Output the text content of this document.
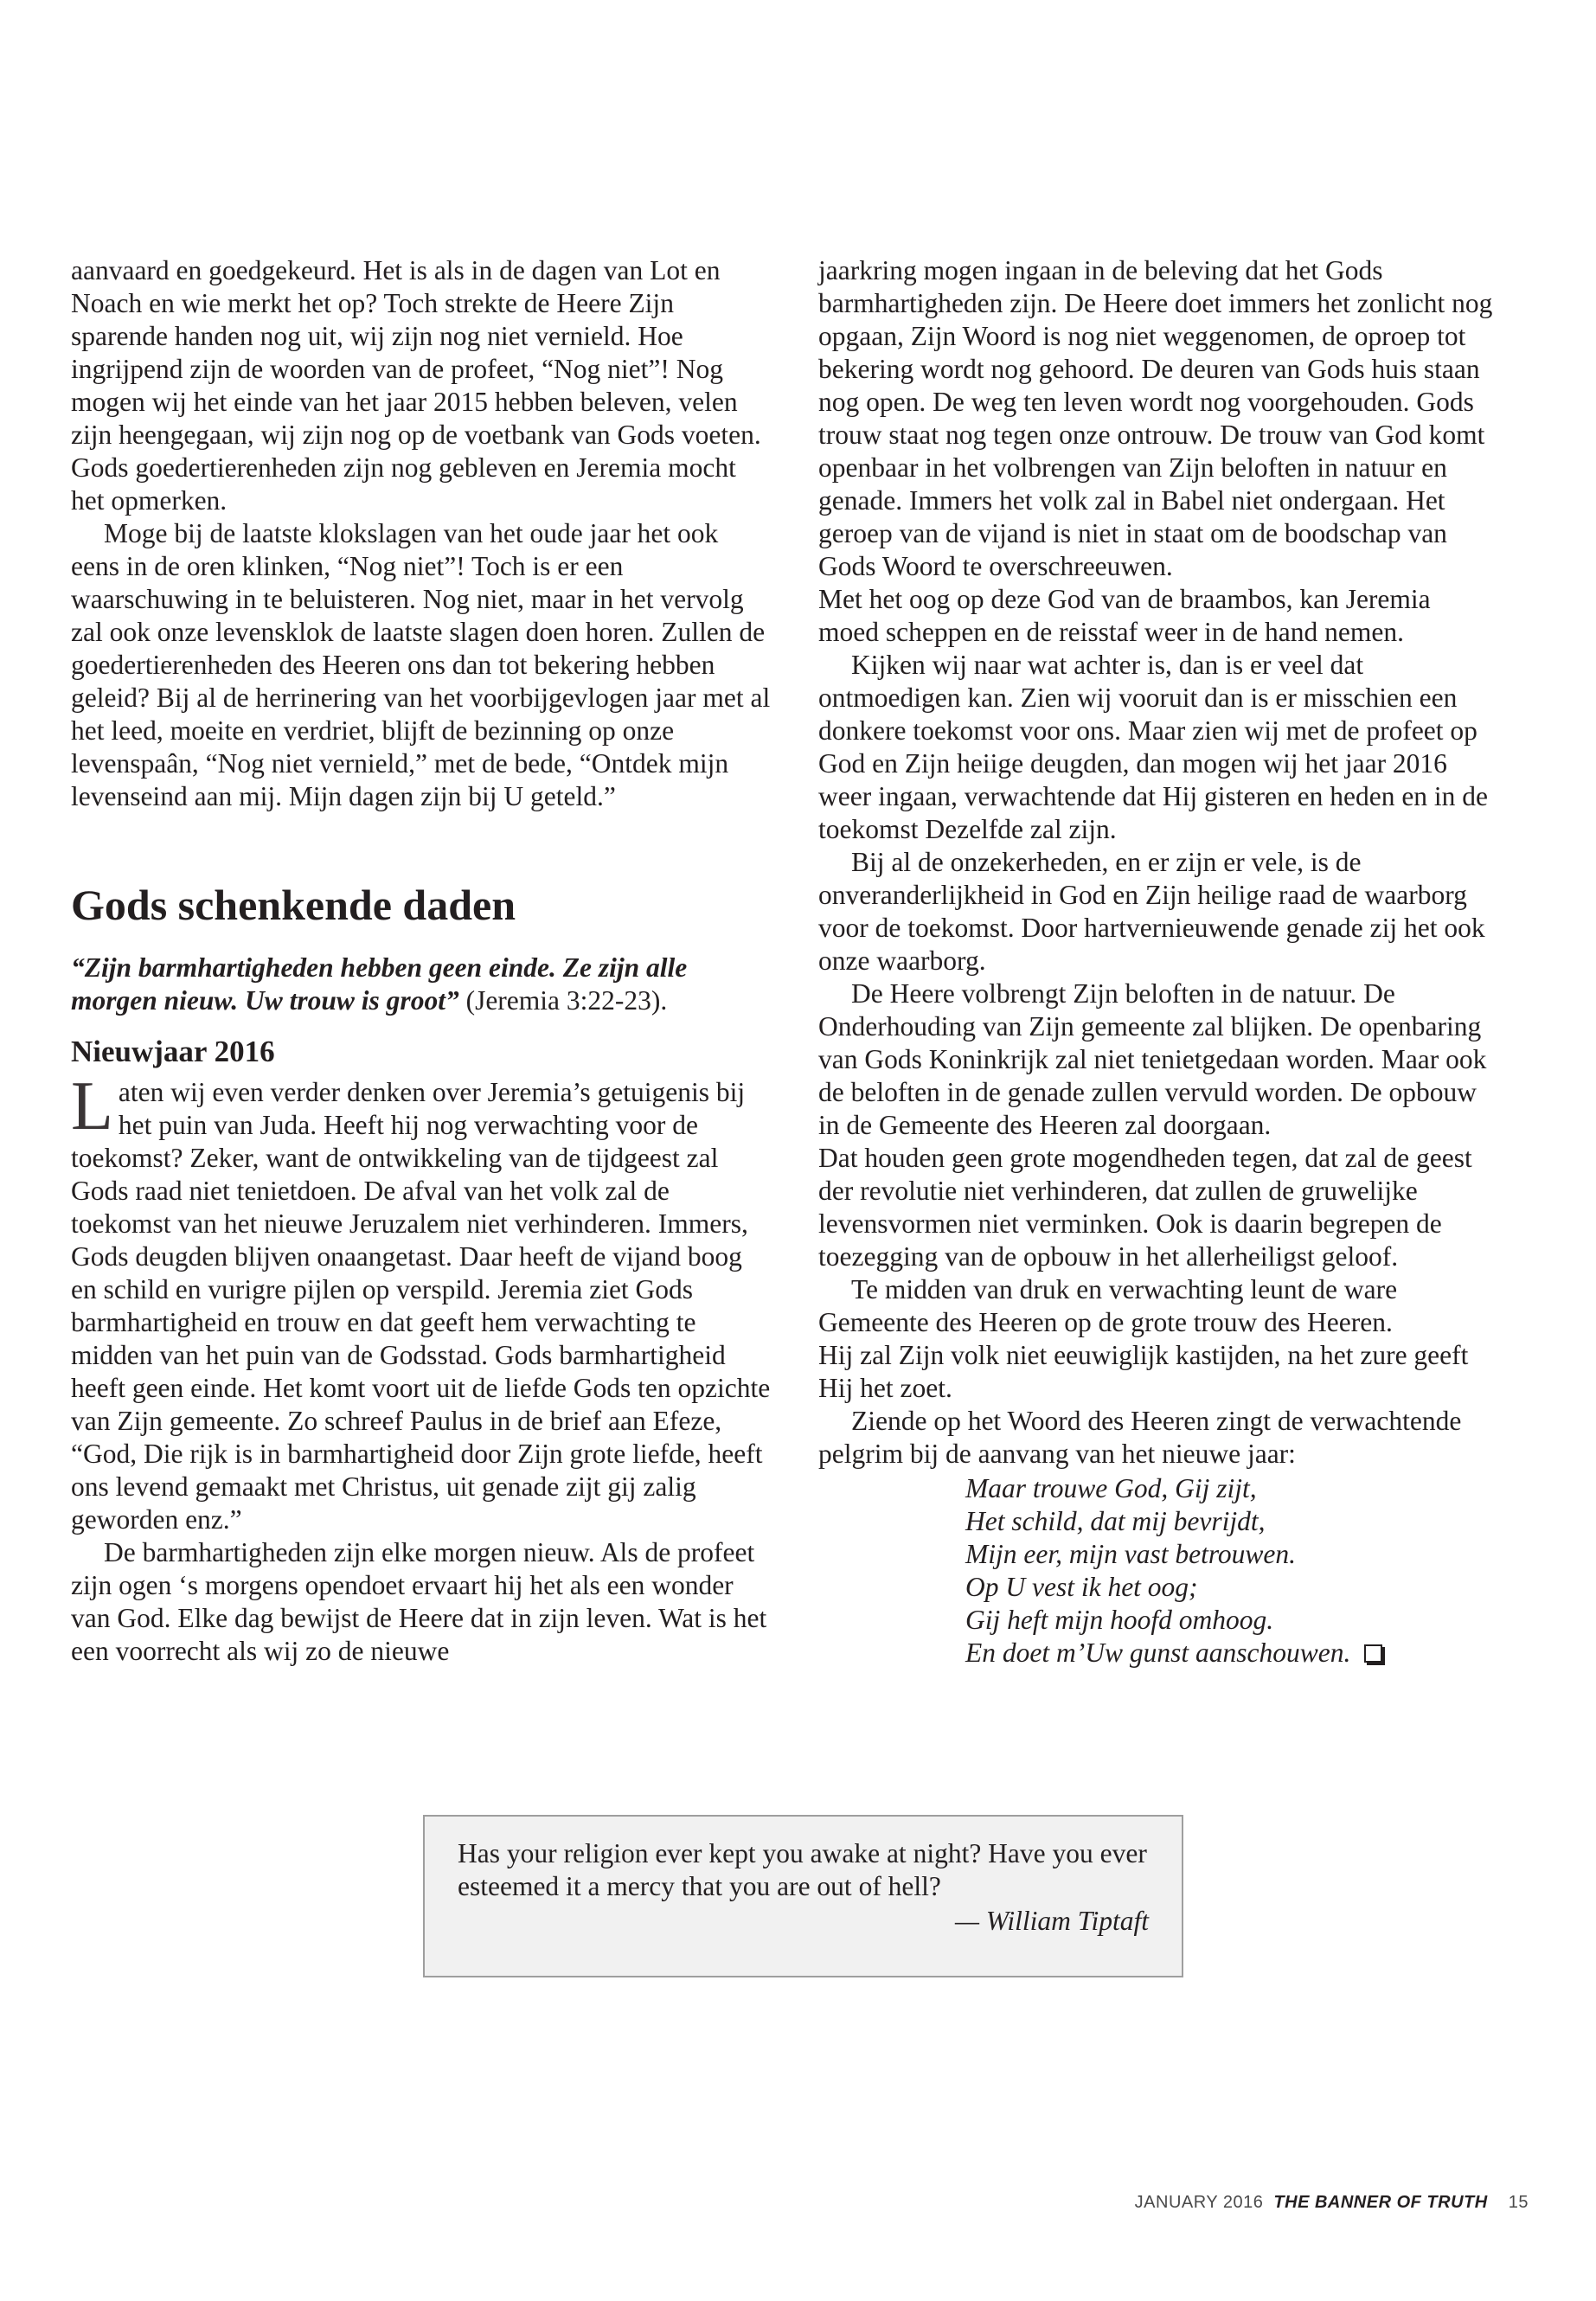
aanvaard en goedgekeurd. Het is als in de dagen van Lot en Noach en wie merkt het op? Toch strekte de Heere Zijn sparende handen nog uit, wij zijn nog niet vernield. Hoe ingrijpend zijn de woorden van de profeet, “Nog niet”! Nog mogen wij het einde van het jaar 2015 hebben beleven, velen zijn heengegaan, wij zijn nog op de voetbank van Gods voeten. Gods goedertierenheden zijn nog gebleven en Jeremia mocht het opmerken.

Moge bij de laatste klokslagen van het oude jaar het ook eens in de oren klinken, “Nog niet”! Toch is er een waarschuwing in te beluisteren. Nog niet, maar in het vervolg zal ook onze levensklok de laatste slagen doen horen. Zullen de goedertierenheden des Heeren ons dan tot bekering hebben geleid? Bij al de herrinering van het voorbijgevlogen jaar met al het leed, moeite en verdriet, blijft de bezinning op onze levenspaân, “Nog niet vernield,” met de bede, “Ontdek mijn levenseind aan mij. Mijn dagen zijn bij U geteld.”

Gods schenkende daden

“Zijn barmhartigheden hebben geen einde. Ze zijn alle morgen nieuw. Uw trouw is groot” (Jeremia 3:22-23).

Nieuwjaar 2016

Laten wij even verder denken over Jeremia’s getuigenis bij het puin van Juda. Heeft hij nog verwachting voor de toekomst? Zeker, want de ontwikkeling van de tijdgeest zal Gods raad niet tenietdoen. De afval van het volk zal de toekomst van het nieuwe Jeruzalem niet verhinderen. Immers, Gods deugden blijven onaangetast. Daar heeft de vijand boog en schild en vurigre pijlen op verspild. Jeremia ziet Gods barmhartigheid en trouw en dat geeft hem verwachting te midden van het puin van de Godsstad. Gods barmhartigheid heeft geen einde. Het komt voort uit de liefde Gods ten opzichte van Zijn gemeente. Zo schreef Paulus in de brief aan Efeze, “God, Die rijk is in barmhartigheid door Zijn grote liefde, heeft ons levend gemaakt met Christus, uit genade zijt gij zalig geworden enz.”

De barmhartigheden zijn elke morgen nieuw. Als de profeet zijn ogen ‘s morgens opendoet ervaart hij het als een wonder van God. Elke dag bewijst de Heere dat in zijn leven. Wat is het een voorrecht als wij zo de nieuwe

jaarkring mogen ingaan in de beleving dat het Gods barmhartigheden zijn. De Heere doet immers het zonlicht nog opgaan, Zijn Woord is nog niet weggenomen, de oproep tot bekering wordt nog gehoord. De deuren van Gods huis staan nog open. De weg ten leven wordt nog voorgehouden. Gods trouw staat nog tegen onze ontrouw. De trouw van God komt openbaar in het volbrengen van Zijn beloften in natuur en genade. Immers het volk zal in Babel niet ondergaan. Het geroep van de vijand is niet in staat om de boodschap van Gods Woord te overschreeuwen.

Met het oog op deze God van de braambos, kan Jeremia moed scheppen en de reisstaf weer in de hand nemen.

Kijken wij naar wat achter is, dan is er veel dat ontmoedigen kan. Zien wij vooruit dan is er misschien een donkere toekomst voor ons. Maar zien wij met de profeet op God en Zijn heiige deugden, dan mogen wij het jaar 2016 weer ingaan, verwachtende dat Hij gisteren en heden en in de toekomst Dezelfde zal zijn.

Bij al de onzekerheden, en er zijn er vele, is de onveranderlijkheid in God en Zijn heilige raad de waarborg voor de toekomst. Door hartvernieuwende genade zij het ook onze waarborg.

De Heere volbrengt Zijn beloften in de natuur. De Onderhouding van Zijn gemeente zal blijken. De openbaring van Gods Koninkrijk zal niet tenietgedaan worden. Maar ook de beloften in de genade zullen vervuld worden. De opbouw in de Gemeente des Heeren zal doorgaan.

Dat houden geen grote mogendheden tegen, dat zal de geest der revolutie niet verhinderen, dat zullen de gruwelijke levensvormen niet verminken. Ook is daarin begrepen de toezegging van de opbouw in het allerheiligst geloof.

Te midden van druk en verwachting leunt de ware Gemeente des Heeren op de grote trouw des Heeren.

Hij zal Zijn volk niet eeuwiglijk kastijden, na het zure geeft Hij het zoet.

Ziende op het Woord des Heeren zingt de verwachtende pelgrim bij de aanvang van het nieuwe jaar:

Maar trouwe God, Gij zijt,
Het schild, dat mij bevrijdt,
Mijn eer, mijn vast betrouwen.
Op U vest ik het oog;
Gij heft mijn hoofd omhoog.
En doet m’Uw gunst aanschouwen.

Has your religion ever kept you awake at night? Have you ever esteemed it a mercy that you are out of hell?

— William Tiptaft

JANUARY 2016 THE BANNER OF TRUTH 15
